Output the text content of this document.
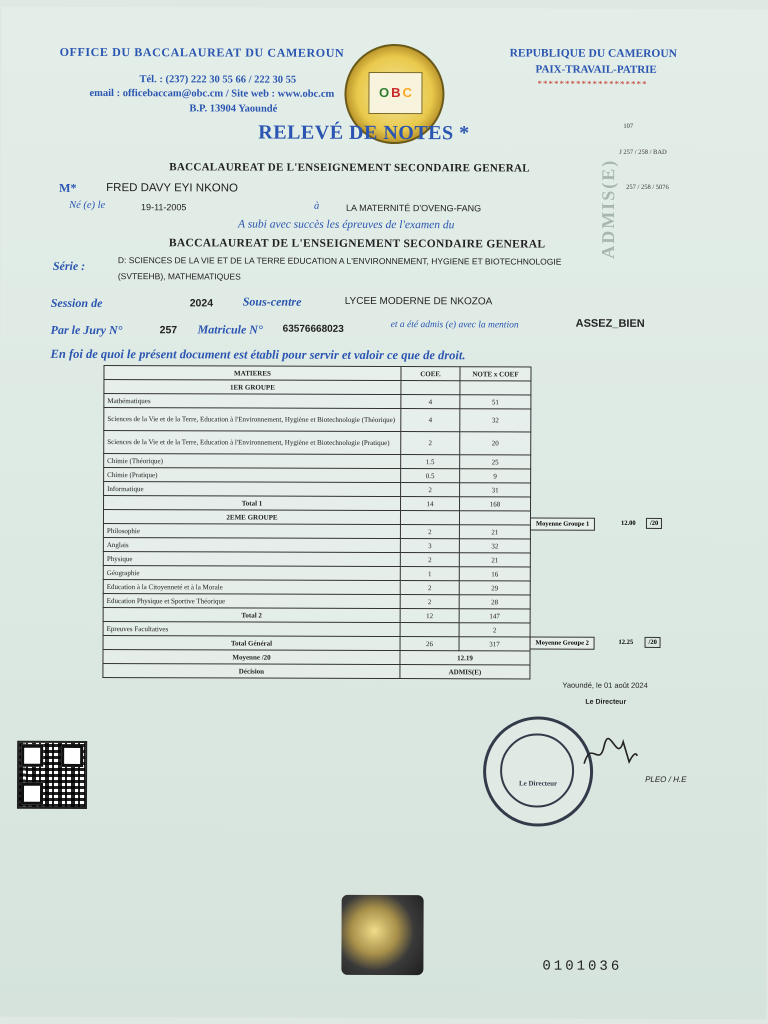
OFFICE DU BACCALAUREAT DU CAMEROUN
Tél. : (237) 222 30 55 66 / 222 30 55
email : officebaccam@obc.cm / Site web : www.obc.cm
B.P. 13904 Yaoundé
O B C
REPUBLIQUE DU CAMEROUN
PAIX-TRAVAIL-PATRIE
********************
RELEVÉ DE NOTES *	107
J 257 / 258 / BAD
257 / 258 / 5076
BACCALAUREAT DE L'ENSEIGNEMENT SECONDAIRE GENERAL
M*	FRED DAVY EYI NKONO
Né (e) le	19-11-2005	à	LA MATERNITÉ D'OVENG-FANG
A subi avec succès les épreuves de l'examen du
BACCALAUREAT DE L'ENSEIGNEMENT SECONDAIRE GENERAL
Série :	D: SCIENCES DE LA VIE ET DE LA TERRE EDUCATION A L'ENVIRONNEMENT, HYGIENE ET BIOTECHNOLOGIE
(SVTEEHB), MATHEMATIQUES
Session de	2024 Sous-centre	LYCEE MODERNE DE NKOZOA
Par le Jury N°	257 Matricule N° 63576668023	et a été admis (e) avec la mention	ASSEZ_BIEN
En foi de quoi le présent document est établi pour servir et valoir ce que de droit.
ADMIS(E)
MATIERES	COEF.	NOTE x COEF
1ER GROUPE		
Mathématiques	4	51
Sciences de la Vie et de la Terre, Education à l'Environnement, Hygiène et Biotechnologie (Théorique)	4	32
Sciences de la Vie et de la Terre, Education à l'Environnement, Hygiène et Biotechnologie (Pratique)	2	20
Chimie (Théorique)	1.5	25
Chimie (Pratique)	0.5	9
Informatique	2	31
Total 1	14	168
2EME GROUPE		
Philosophie	2	21
Anglais	3	32
Physique	2	21
Géographie	1	16
Education à la Citoyenneté et à la Morale	2	29
Education Physique et Sportive Théorique	2	28
Total 2	12	147
Epreuves Facultatives		2
Total Général	26	317
Moyenne /20	12.19	
Décision	ADMIS(E)	
Moyenne Groupe 1	12.00	/20
Moyenne Groupe 2	12.25	/20
Yaoundé, le 01 août 2024
Le Directeur
Le Directeur	PLEO / H.E
0101036
